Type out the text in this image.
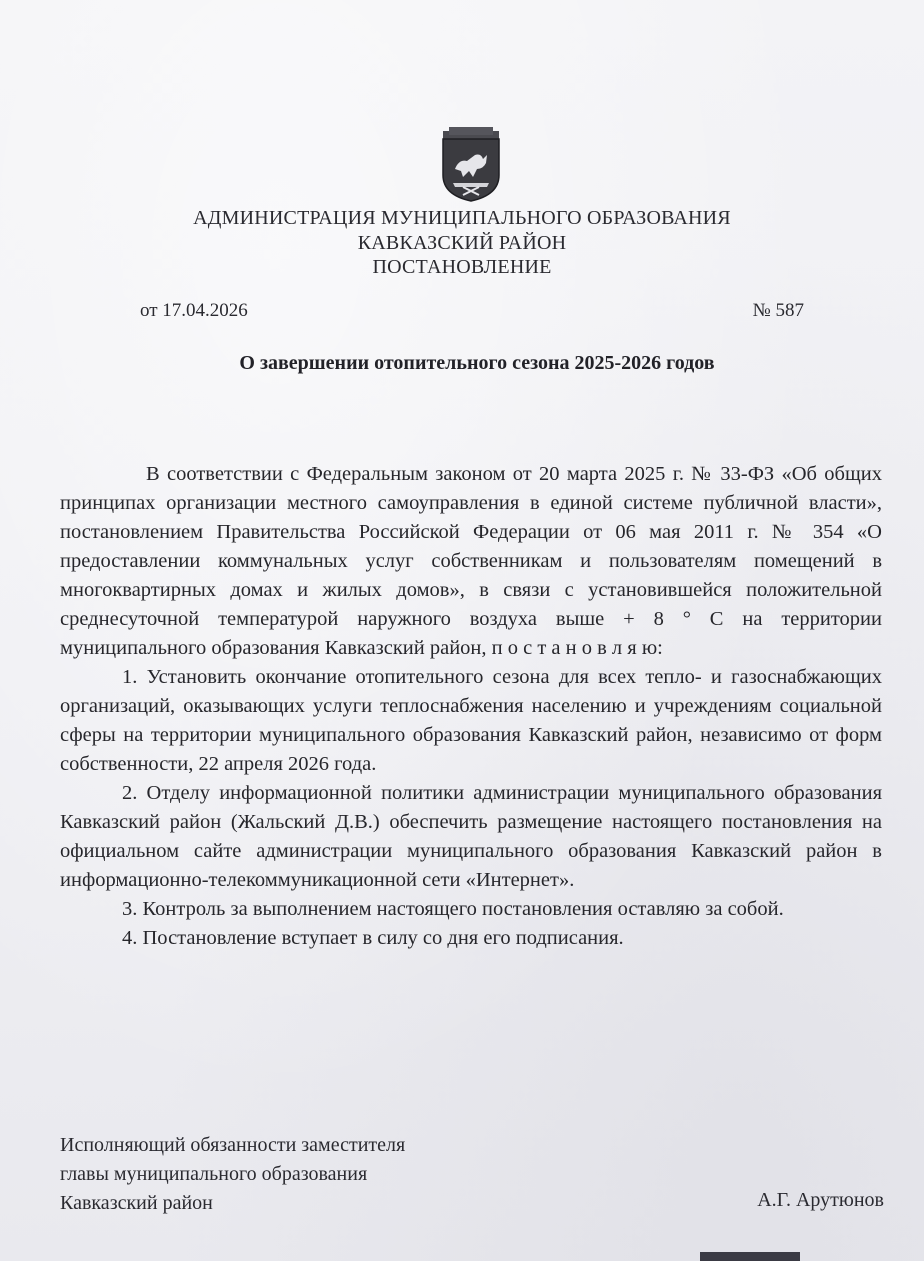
АДМИНИСТРАЦИЯ МУНИЦИПАЛЬНОГО ОБРАЗОВАНИЯ
КАВКАЗСКИЙ РАЙОН
ПОСТАНОВЛЕНИЕ
от 17.04.2026	№ 587
О завершении отопительного сезона 2025-2026 годов

В соответствии с Федеральным законом от 20 марта 2025 г. № 33-ФЗ «Об общих принципах организации местного самоуправления в единой системе публичной власти», постановлением Правительства Российской Федерации от 06 мая 2011 г. № 354 «О предоставлении коммунальных услуг собственникам и пользователям помещений в многоквартирных домах и жилых домов», в связи с установившейся положительной среднесуточной температурой наружного воздуха выше + 8 ° С на территории муниципального образования Кавказский район, п о с т а н о в л я ю:

1. Установить окончание отопительного сезона для всех тепло- и газоснабжающих организаций, оказывающих услуги теплоснабжения населению и учреждениям социальной сферы на территории муниципального образования Кавказский район, независимо от форм собственности, 22 апреля 2026 года.

2. Отделу информационной политики администрации муниципального образования Кавказский район (Жальский Д.В.) обеспечить размещение настоящего постановления на официальном сайте администрации муниципального образования Кавказский район в информационно-телекоммуникационной сети «Интернет».

3. Контроль за выполнением настоящего постановления оставляю за собой.

4. Постановление вступает в силу со дня его подписания.

Исполняющий обязанности заместителя
главы муниципального образования
Кавказский район	А.Г. Арутюнов
